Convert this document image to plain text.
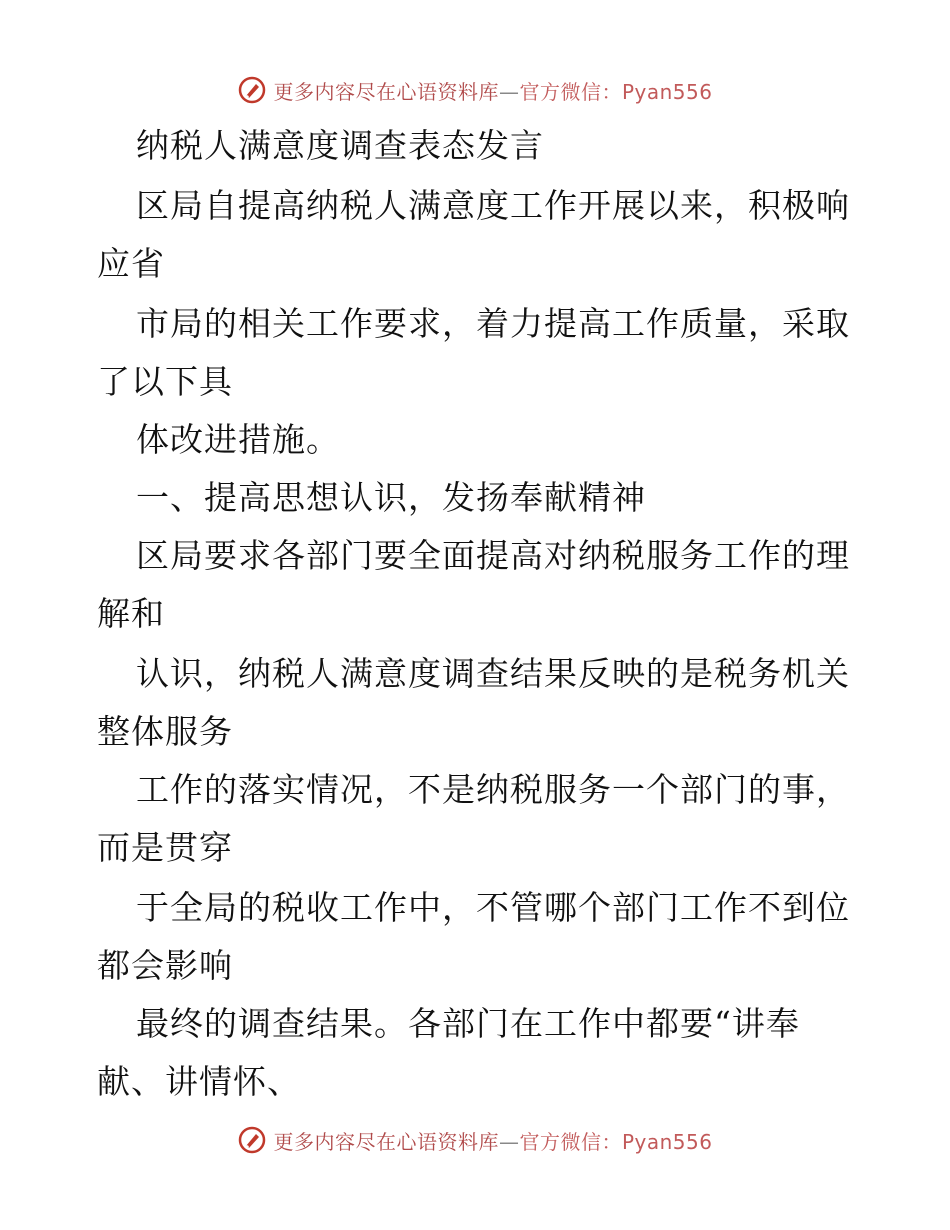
更多内容尽在心语资料库—官方微信：Pyan556
纳税人满意度调查表态发言
区局自提高纳税人满意度工作开展以来，积极响
应省
市局的相关工作要求，着力提高工作质量，采取
了以下具
体改进措施。
一、提高思想认识，发扬奉献精神
区局要求各部门要全面提高对纳税服务工作的理
解和
认识，纳税人满意度调查结果反映的是税务机关
整体服务
工作的落实情况，不是纳税服务一个部门的事，
而是贯穿
于全局的税收工作中，不管哪个部门工作不到位
都会影响
最终的调查结果。各部门在工作中都要“讲奉
献、讲情怀、
更多内容尽在心语资料库—官方微信：Pyan556
